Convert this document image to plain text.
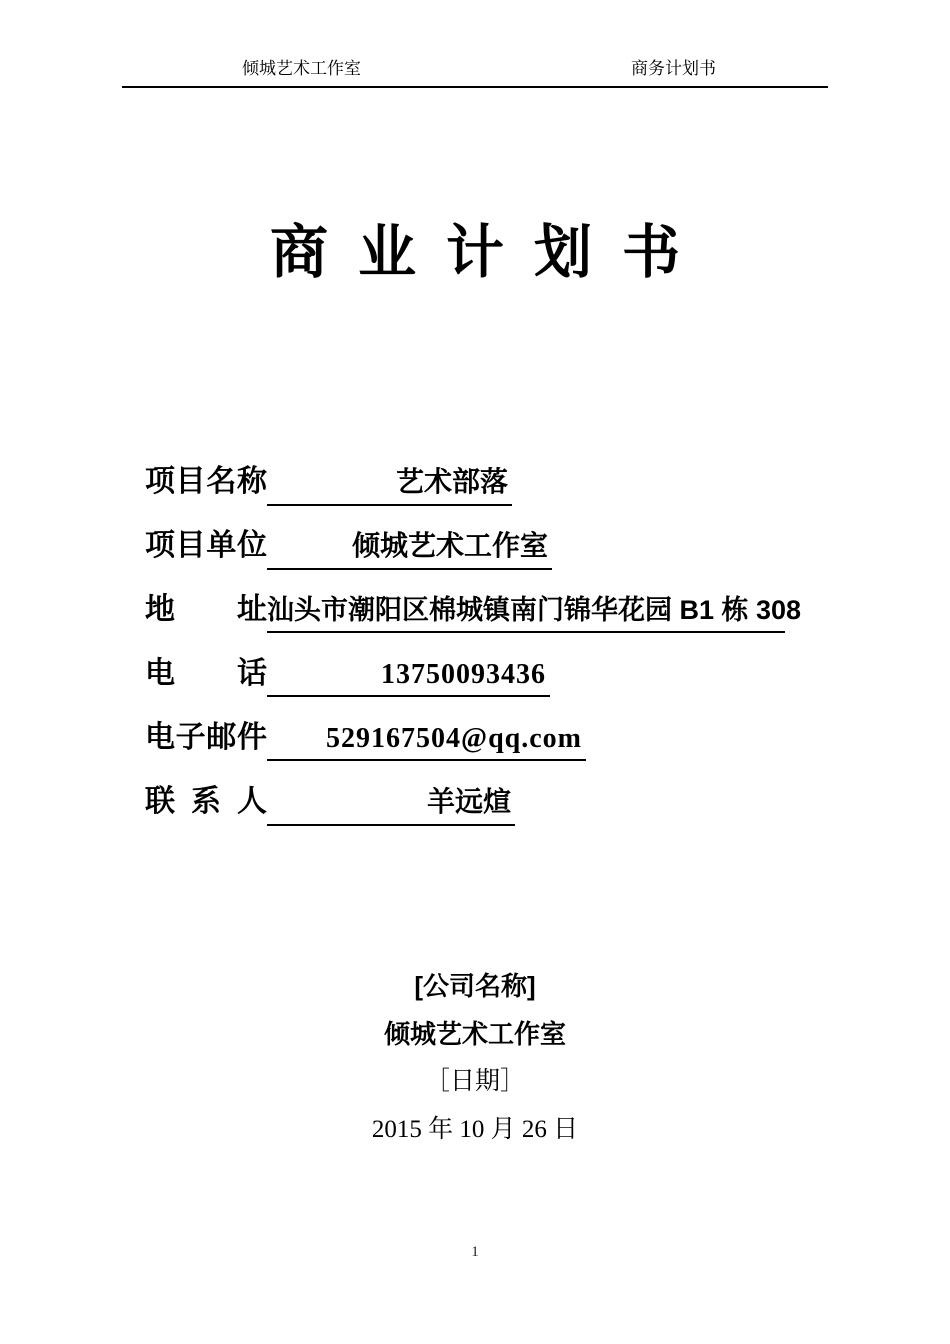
倾城艺术工作室	商务计划书
商业计划书
项目名称	艺术部落
项目单位	倾城艺术工作室
地址 汕头市潮阳区棉城镇南门锦华花园 B1 栋 308
电话	13750093436
电子邮件	529167504@qq.com
联系人	羊远煊
[公司名称]
倾城艺术工作室
［日期］
2015 年 10 月 26 日
1
